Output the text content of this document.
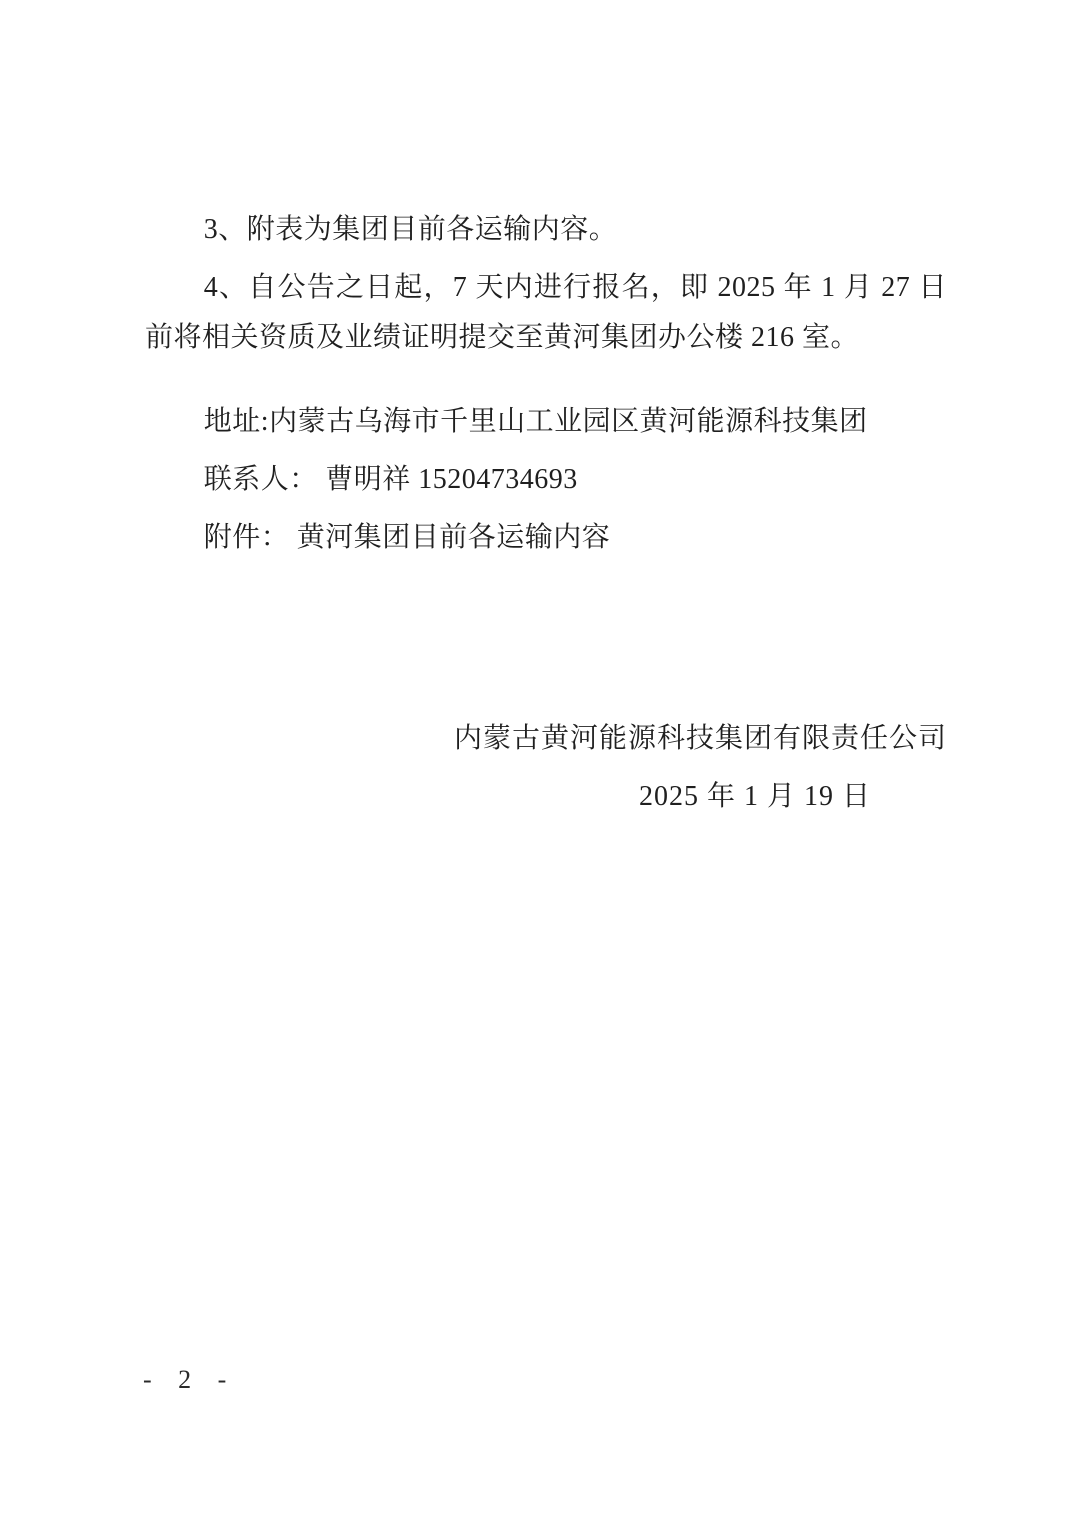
3、附表为集团目前各运输内容。

4、自公告之日起，7 天内进行报名，即 2025 年 1 月 27 日前将相关资质及业绩证明提交至黄河集团办公楼 216 室。

地址:内蒙古乌海市千里山工业园区黄河能源科技集团

联系人： 曹明祥 15204734693

附件： 黄河集团目前各运输内容

内蒙古黄河能源科技集团有限责任公司

2025 年 1 月 19 日

- 2 -
